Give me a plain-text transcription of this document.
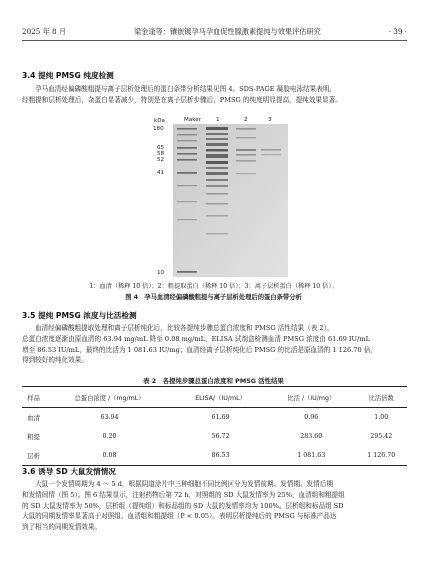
2025 年 8 月	梁金逢等：镶嵌镀孕马孕血促性腺激素提纯与效果评估研究	· 39 ·
3.4 提纯 PMSG 纯度检测
孕马血清经偏磷酸粗提与离子层析处理后的蛋白条带分析结果见图 4。SDS-PAGE 凝胶电泳结果表明，
经粗提和层析处理后，杂蛋白显著减少，特别是在离子层析步骤后，PMSG 的纯度明显提高，提纯效果显著。
kDa	Maker	1	2	3
180
65
58
52
41
10
1：血清（稀释 10 倍）；2：粗提取蛋白（稀释 10 倍）；3：离子层析蛋白（稀释 10 倍）。
图 4　孕马血清经偏磷酸粗提与离子层析处理后的蛋白条带分析
3.5 提纯 PMSG 浓度与比活检测
血清经偏磷酸粗提取处理和离子层析纯化后，比较各提纯步骤总蛋白浓度和 PMSG 活性结果（表 2），
总蛋白浓度逐渐由原血清的 63.94 mg/mL 降至 0.08 mg/mL，ELISA 试剂盒检测血清 PMSG 浓度由 61.69 IU/mL
增至 86.53 IU/mL，最终的比活为 1 081.63 IU/mg；血清经离子层析纯化后 PMSG 的比活是原血清的 1 126.70 倍，
得到较好的纯化效果。
表 2　各提纯步骤总蛋白浓度和 PMSG 活性结果
样品	总蛋白浓度 /（mg/mL）	ELISA/（IU/mL）	比活 /（IU/mg）	比活倍数
血清	63.94	61.69	0.96	1.00
粗提	0.20	56.72	283.60	295.42
层析	0.08	86.53	1 081.63	1 126.70
3.6 诱导 SD 大鼠发情情况
大鼠一个发情周期为 4 ～ 5 d，根据阴道涂片中三种细胞不同比例区分为发情前期、发情期、发情后期
和发情间情（图 5）。图 6 结果显示，注射药物后第 72 h，对照组的 SD 大鼠发情率为 25%，血清组和粗提组
的 SD 大鼠发情率为 50%，层析组（提纯组）和标品组的 SD 大鼠的发情率均为 100%。层析组和标品组 SD
大鼠的同期发情率显著高于对照组、血清组和粗提组（P < 0.05）。表明层析提纯后的 PMSG 与标准产品达
到了相当的同期发情效果。
